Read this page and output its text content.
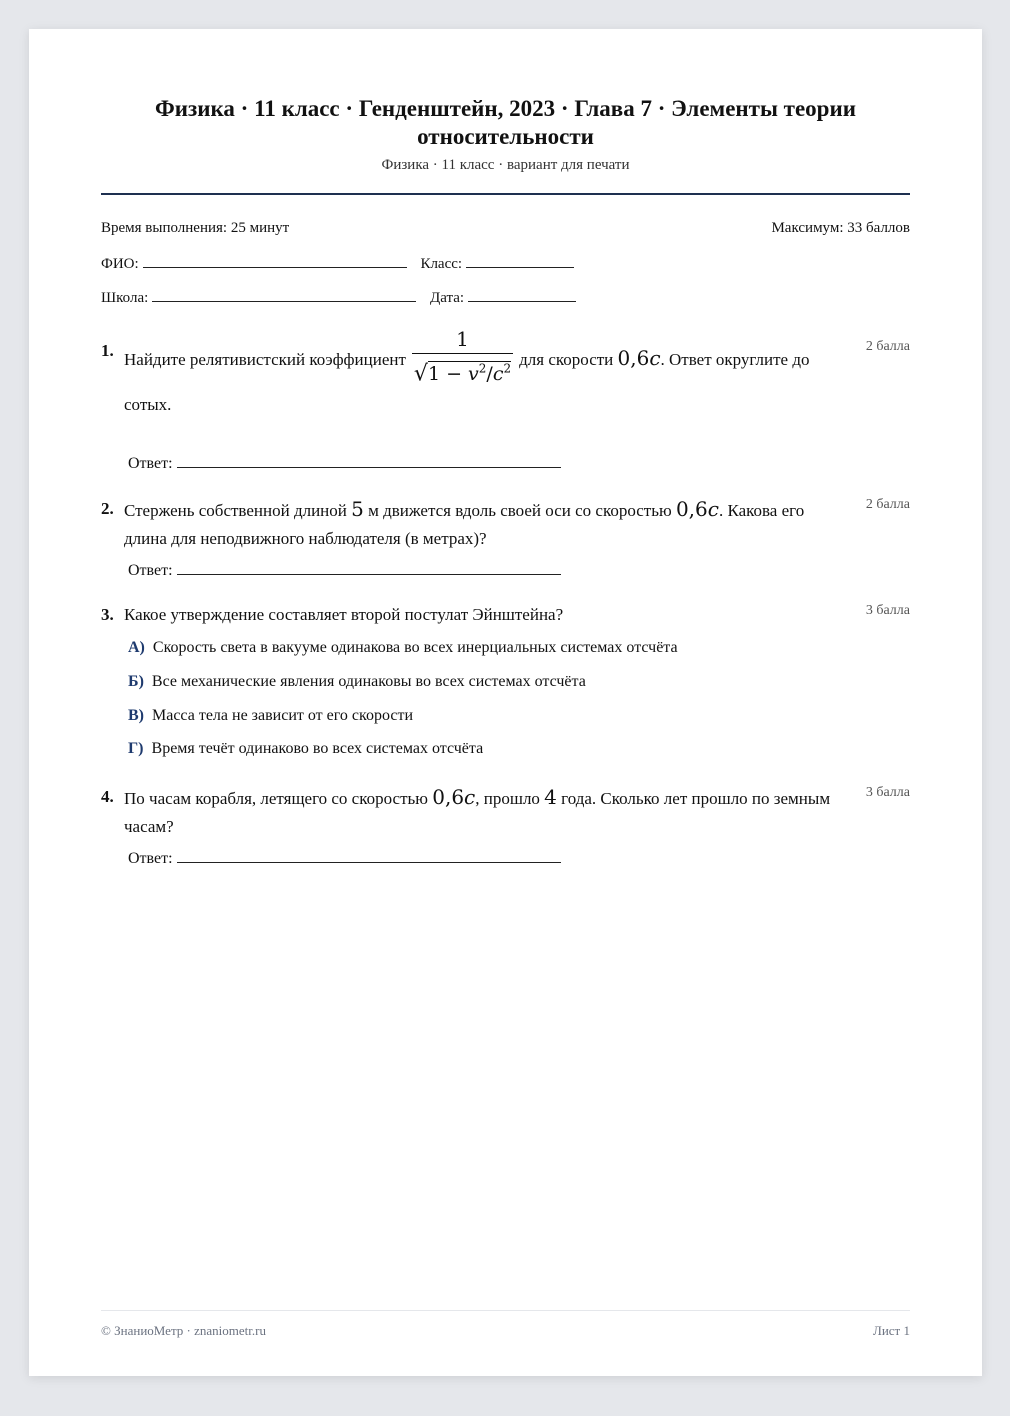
Физика · 11 класс · Генденштейн, 2023 · Глава 7 · Элементы теории относительности
Физика · 11 класс · вариант для печати
Время выполнения: 25 минут	Максимум: 33 баллов
ФИО:	Класс:
Школа:	Дата:
1. Найдите релятивистский коэффициент $\frac{1}{√1 - v^2/c^2}$ для скорости 0,6c. Ответ округлите до сотых.
2 балла
Ответ:
2. Стержень собственной длиной 5 м движется вдоль своей оси со скоростью 0,6c. Какова его длина для неподвижного наблюдателя (в метрах)?
2 балла
Ответ:
3. Какое утверждение составляет второй постулат Эйнштейна?	3 балла
А) Скорость света в вакууме одинакова во всех инерциальных системах отсчёта
Б) Все механические явления одинаковы во всех системах отсчёта
В) Масса тела не зависит от его скорости
Г) Время течёт одинаково во всех системах отсчёта
4. По часам корабля, летящего со скоростью 0,6c, прошло 4 года. Сколько лет прошло по земным часам?
3 балла
Ответ:
© ЗнаниоМетр · znaniometr.ru	Лист 1
